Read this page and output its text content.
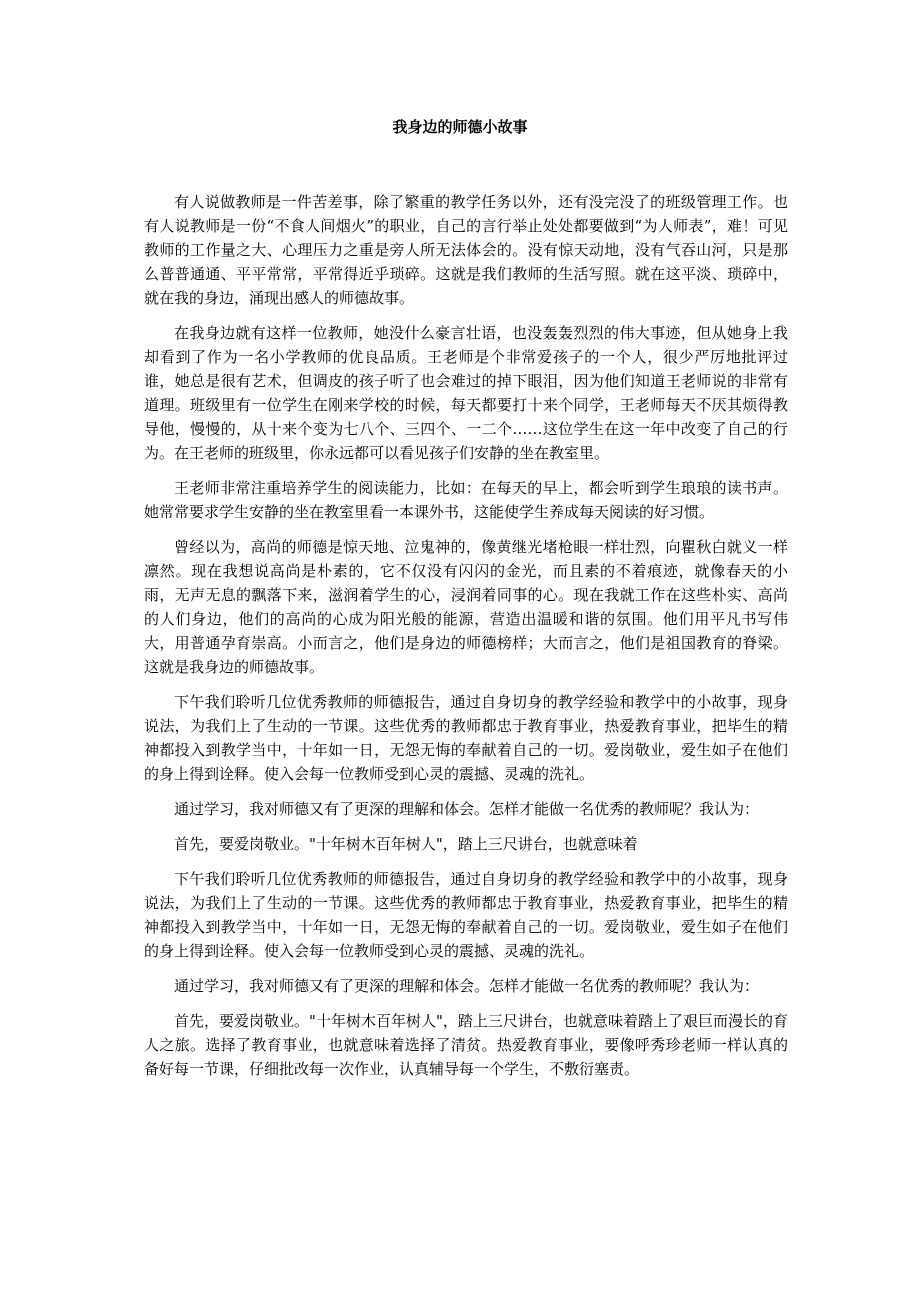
我身边的师德小故事

有人说做教师是一件苦差事，除了繁重的教学任务以外，还有没完没了的班级管理工作。也有人说教师是一份“不食人间烟火”的职业，自己的言行举止处处都要做到“为人师表”，难！可见教师的工作量之大、心理压力之重是旁人所无法体会的。没有惊天动地，没有气吞山河，只是那么普普通通、平平常常，平常得近乎琐碎。这就是我们教师的生活写照。就在这平淡、琐碎中，就在我的身边，涌现出感人的师德故事。

在我身边就有这样一位教师，她没什么豪言壮语，也没轰轰烈烈的伟大事迹，但从她身上我却看到了作为一名小学教师的优良品质。王老师是个非常爱孩子的一个人，很少严厉地批评过谁，她总是很有艺术，但调皮的孩子听了也会难过的掉下眼泪，因为他们知道王老师说的非常有道理。班级里有一位学生在刚来学校的时候，每天都要打十来个同学，王老师每天不厌其烦得教导他，慢慢的，从十来个变为七八个、三四个、一二个……这位学生在这一年中改变了自己的行为。在王老师的班级里，你永远都可以看见孩子们安静的坐在教室里。

王老师非常注重培养学生的阅读能力，比如：在每天的早上，都会听到学生琅琅的读书声。她常常要求学生安静的坐在教室里看一本课外书，这能使学生养成每天阅读的好习惯。

曾经以为，高尚的师德是惊天地、泣鬼神的，像黄继光堵枪眼一样壮烈，向瞿秋白就义一样凛然。现在我想说高尚是朴素的，它不仅没有闪闪的金光，而且素的不着痕迹，就像春天的小雨，无声无息的飘落下来，滋润着学生的心，浸润着同事的心。现在我就工作在这些朴实、高尚的人们身边，他们的高尚的心成为阳光般的能源，营造出温暖和谐的氛围。他们用平凡书写伟大，用普通孕育崇高。小而言之，他们是身边的师德榜样；大而言之，他们是祖国教育的脊梁。这就是我身边的师德故事。

下午我们聆听几位优秀教师的师德报告，通过自身切身的教学经验和教学中的小故事，现身说法，为我们上了生动的一节课。这些优秀的教师都忠于教育事业，热爱教育事业，把毕生的精神都投入到教学当中，十年如一日，无怨无悔的奉献着自己的一切。爱岗敬业，爱生如子在他们的身上得到诠释。使入会每一位教师受到心灵的震撼、灵魂的洗礼。

通过学习，我对师德又有了更深的理解和体会。怎样才能做一名优秀的教师呢？我认为：

首先，要爱岗敬业。"十年树木百年树人"，踏上三尺讲台，也就意味着

下午我们聆听几位优秀教师的师德报告，通过自身切身的教学经验和教学中的小故事，现身说法，为我们上了生动的一节课。这些优秀的教师都忠于教育事业，热爱教育事业，把毕生的精神都投入到教学当中，十年如一日，无怨无悔的奉献着自己的一切。爱岗敬业，爱生如子在他们的身上得到诠释。使入会每一位教师受到心灵的震撼、灵魂的洗礼。

通过学习，我对师德又有了更深的理解和体会。怎样才能做一名优秀的教师呢？我认为：

首先，要爱岗敬业。"十年树木百年树人"，踏上三尺讲台，也就意味着踏上了艰巨而漫长的育人之旅。选择了教育事业，也就意味着选择了清贫。热爱教育事业，要像呼秀珍老师一样认真的备好每一节课，仔细批改每一次作业，认真辅导每一个学生，不敷衍塞责。
